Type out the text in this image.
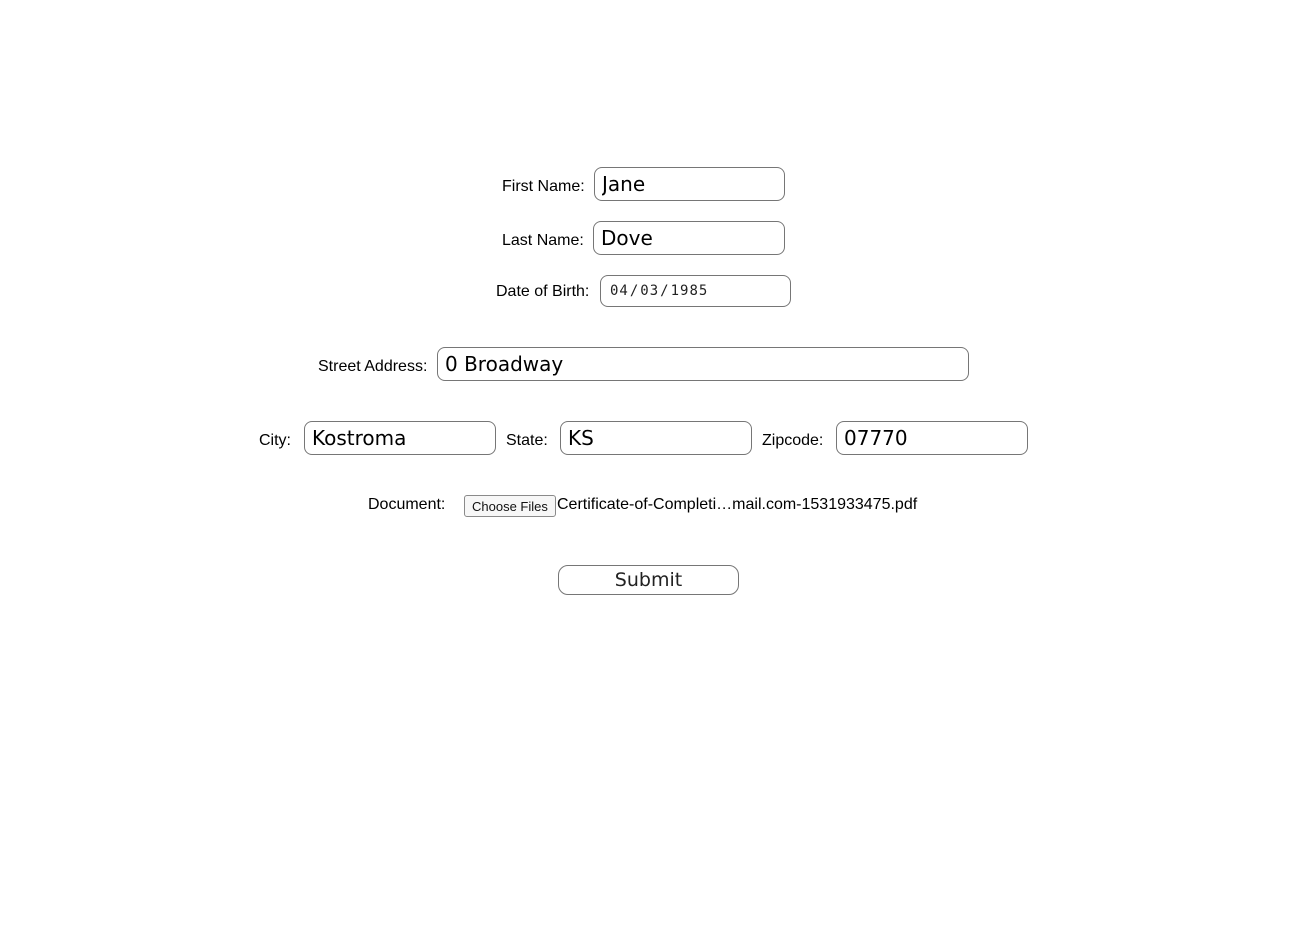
First Name:
Jane
Last Name:
Dove
Date of Birth: 04 / 03 / 1985
Street Address:
0 Broadway
City:
Kostroma	State:
KS	Zipcode:
07770
Document:	Choose Files Certificate-of-Completi…mail.com-1531933475.pdf
Submit
